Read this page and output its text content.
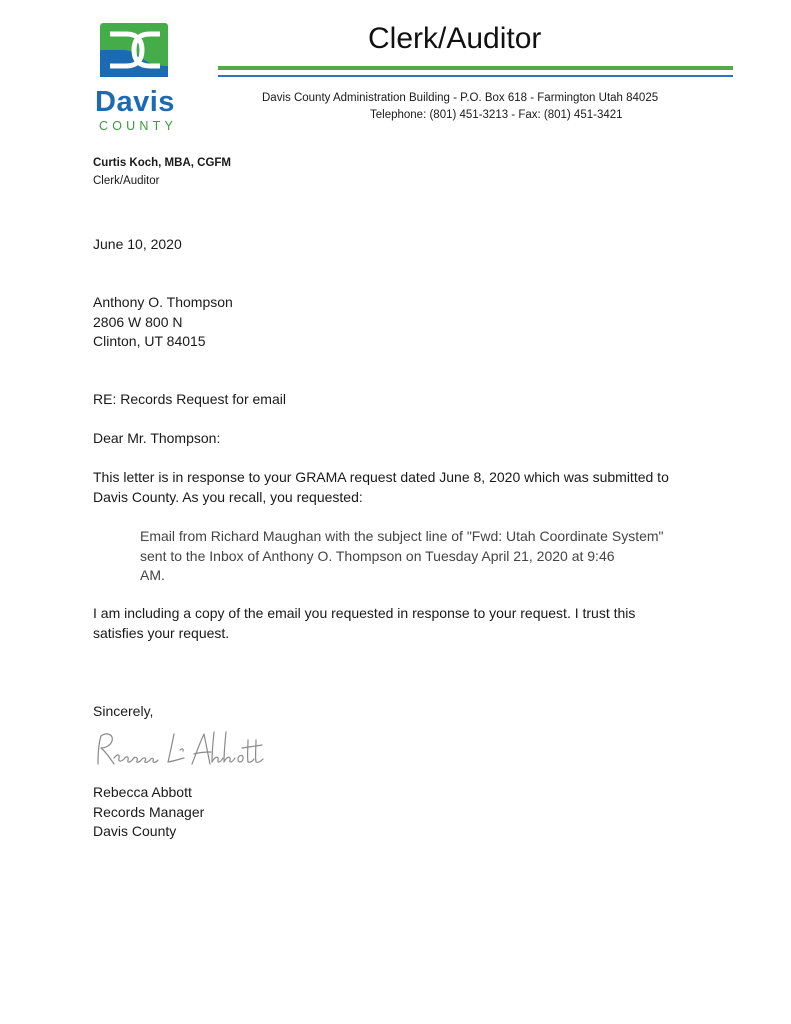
Davis
COUNTY
Clerk/Auditor
Davis County Administration Building - P.O. Box 618 - Farmington Utah 84025
Telephone: (801) 451-3213 - Fax: (801) 451-3421
Curtis Koch, MBA, CGFM
Clerk/Auditor
June 10, 2020
Anthony O. Thompson
2806 W 800 N
Clinton, UT 84015
RE: Records Request for email
Dear Mr. Thompson:
This letter is in response to your GRAMA request dated June 8, 2020 which was submitted to
Davis County. As you recall, you requested:
Email from Richard Maughan with the subject line of "Fwd: Utah Coordinate System"
sent to the Inbox of Anthony O. Thompson on Tuesday April 21, 2020 at 9:46
AM.
I am including a copy of the email you requested in response to your request. I trust this
satisfies your request.
Sincerely,
Rebecca Abbott
Records Manager
Davis County
